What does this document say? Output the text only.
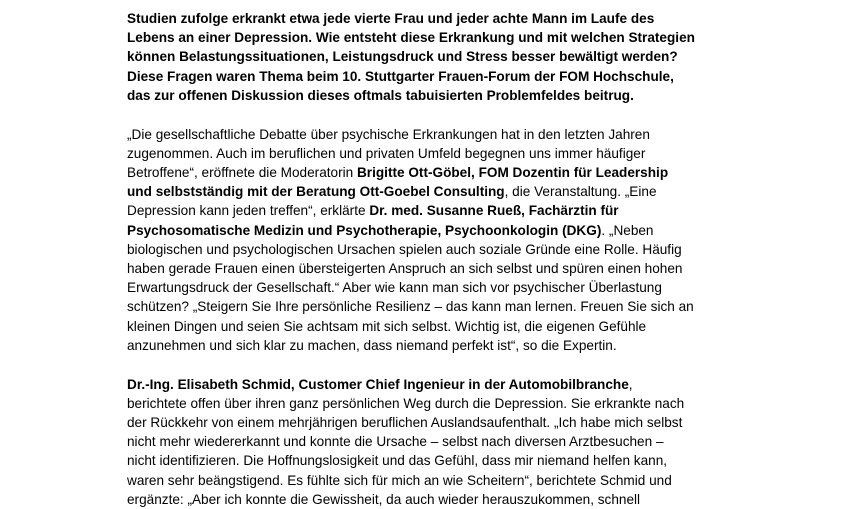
Studien zufolge erkrankt etwa jede vierte Frau und jeder achte Mann im Laufe des
Lebens an einer Depression. Wie entsteht diese Erkrankung und mit welchen Strategien
können Belastungssituationen, Leistungsdruck und Stress besser bewältigt werden?
Diese Fragen waren Thema beim 10. Stuttgarter Frauen-Forum der FOM Hochschule,
das zur offenen Diskussion dieses oftmals tabuisierten Problemfeldes beitrug.

„Die gesellschaftliche Debatte über psychische Erkrankungen hat in den letzten Jahren
zugenommen. Auch im beruflichen und privaten Umfeld begegnen uns immer häufiger
Betroffene“, eröffnete die Moderatorin Brigitte Ott-Göbel, FOM Dozentin für Leadership
und selbstständig mit der Beratung Ott-Goebel Consulting, die Veranstaltung. „Eine
Depression kann jeden treffen“, erklärte Dr. med. Susanne Rueß, Fachärztin für
Psychosomatische Medizin und Psychotherapie, Psychoonkologin (DKG). „Neben
biologischen und psychologischen Ursachen spielen auch soziale Gründe eine Rolle. Häufig
haben gerade Frauen einen übersteigerten Anspruch an sich selbst und spüren einen hohen
Erwartungsdruck der Gesellschaft.“ Aber wie kann man sich vor psychischer Überlastung
schützen? „Steigern Sie Ihre persönliche Resilienz – das kann man lernen. Freuen Sie sich an
kleinen Dingen und seien Sie achtsam mit sich selbst. Wichtig ist, die eigenen Gefühle
anzunehmen und sich klar zu machen, dass niemand perfekt ist“, so die Expertin.

Dr.-Ing. Elisabeth Schmid, Customer Chief Ingenieur in der Automobilbranche,
berichtete offen über ihren ganz persönlichen Weg durch die Depression. Sie erkrankte nach
der Rückkehr von einem mehrjährigen beruflichen Auslandsaufenthalt. „Ich habe mich selbst
nicht mehr wiedererkannt und konnte die Ursache – selbst nach diversen Arztbesuchen –
nicht identifizieren. Die Hoffnungslosigkeit und das Gefühl, dass mir niemand helfen kann,
waren sehr beängstigend. Es fühlte sich für mich an wie Scheitern“, berichtete Schmid und
ergänzte: „Aber ich konnte die Gewissheit, da auch wieder herauszukommen, schnell
